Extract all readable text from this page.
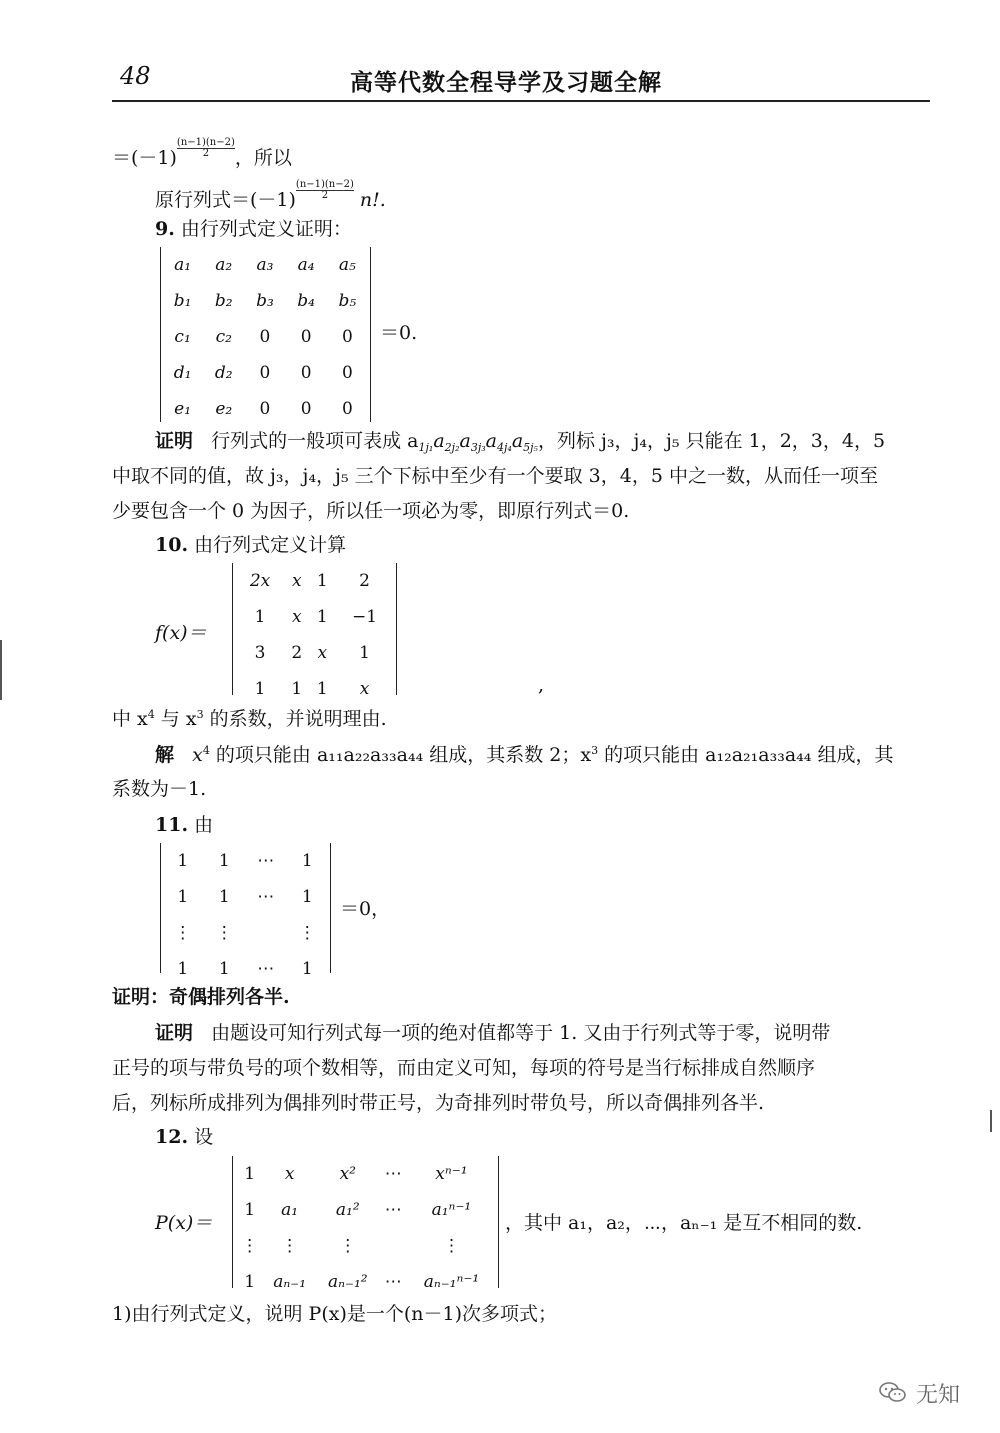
48	高等代数全程导学及习题全解
$=(-1) \frac{(n-1)(n-2)}{2}$ ，所以
原行列式$=(-1) \frac{(n-1)(n-2)}{2} n$!.
9. 由行列式定义证明：
a₁	a₂	a₃	a₄	a₅
b₁	b₂	b₃	b₄	b₅
c₁	c₂	0	0	0
d₁	d₂	0	0	0
e₁	e₂	0	0	0
＝0.
证明 行列式的一般项可表成 $a_{1j_1}a_{2j_2}a_{3j_3}a_{4j_4}a_{5j_5}$，列标 j₃，j₄，j₅ 只能在 1，2，3，4，5
中取不同的值，故 j₃，j₄，j₅ 三个下标中至少有一个要取 3，4，5 中之一数，从而任一项至
少要包含一个 0 为因子，所以任一项必为零，即原行列式＝0.
10. 由行列式定义计算
f(x)＝
2x	x	1	2
1	x	1	−1
3	2	x	1
1	1	1	x	,
中 $x^4$ 与 $x^3$ 的系数，并说明理由.
解 $x^4$ 的项只能由 a₁₁a₂₂a₃₃a₄₄ 组成，其系数 2；$x^3$ 的项只能由 a₁₂a₂₁a₃₃a₄₄ 组成，其
系数为－1.
11. 由
1	1	⋯	1
1	1	⋯	1
⋮	⋮		⋮
1	1	⋯	1
＝0，
证明：奇偶排列各半.
证明 由题设可知行列式每一项的绝对值都等于 1. 又由于行列式等于零，说明带
正号的项与带负号的项个数相等，而由定义可知，每项的符号是当行标排成自然顺序
后，列标所成排列为偶排列时带正号，为奇排列时带负号，所以奇偶排列各半.
12. 设
P(x)＝
1	x	x²	⋯	xⁿ⁻¹
1	a₁	a₁²	⋯	a₁ⁿ⁻¹
⋮	⋮	⋮		⋮
1	aₙ₋₁	aₙ₋₁²	⋯	aₙ₋₁ⁿ⁻¹
，其中 a₁，a₂，⋯，aₙ₋₁ 是互不相同的数.
1)由行列式定义，说明 P(x)是一个(n－1)次多项式；
无知
